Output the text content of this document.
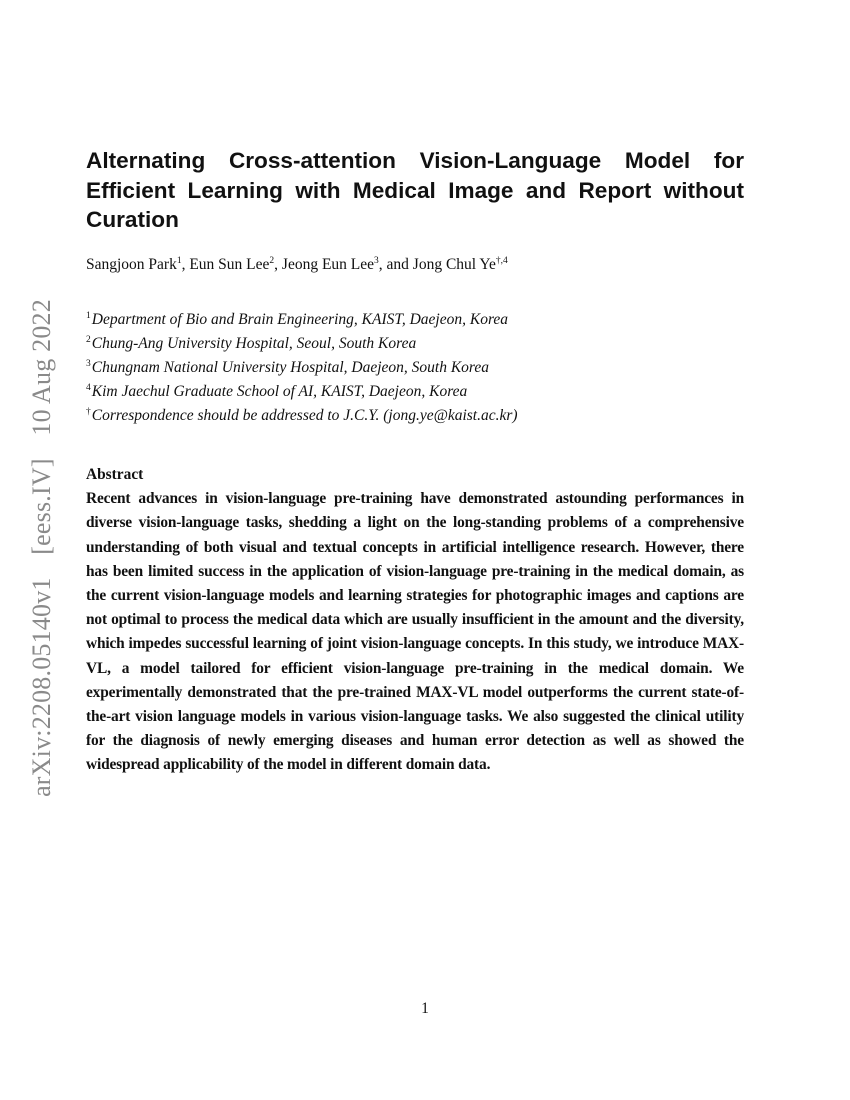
arXiv:2208.05140v1 [eess.IV] 10 Aug 2022
Alternating Cross-attention Vision-Language Model for
Efficient Learning with Medical Image and Report without
Curation
Sangjoon Park$^1$, Eun Sun Lee$^2$, Jeong Eun Lee$^3$, and Jong Chul $Ye^{\dagger,4}$
$^1$Department of Bio and Brain Engineering, KAIST, Daejeon, Korea
$^2$Chung-Ang University Hospital, Seoul, South Korea
$^3$Chungnam National University Hospital, Daejeon, South Korea
$^4$Kim Jaechul Graduate School of AI, KAIST, Daejeon, Korea
†Correspondence should be addressed to J.C.Y. (jong.ye@kaist.ac.kr)
Abstract
Recent advances in vision-language pre-training have demonstrated astounding performances in diverse vision-language tasks, shedding a light on the long-standing problems of a comprehensive understanding of both visual and textual concepts in artificial intelligence research. However, there has been limited success in the application of vision-language pre-training in the medical domain, as the current vision-language models and learning strategies for photographic images and captions are not optimal to process the medical data which are usually insufficient in the amount and the diversity, which impedes successful learning of joint vision-language concepts. In this study, we introduce MAX-VL, a model tailored for efficient vision-language pre-training in the medical domain. We experimentally demonstrated that the pre-trained MAX-VL model outperforms the current state-of-the-art vision language models in various vision-language tasks. We also suggested the clinical utility for the diagnosis of newly emerging diseases and human error detection as well as showed the widespread applicability of the model in different domain data.
1
